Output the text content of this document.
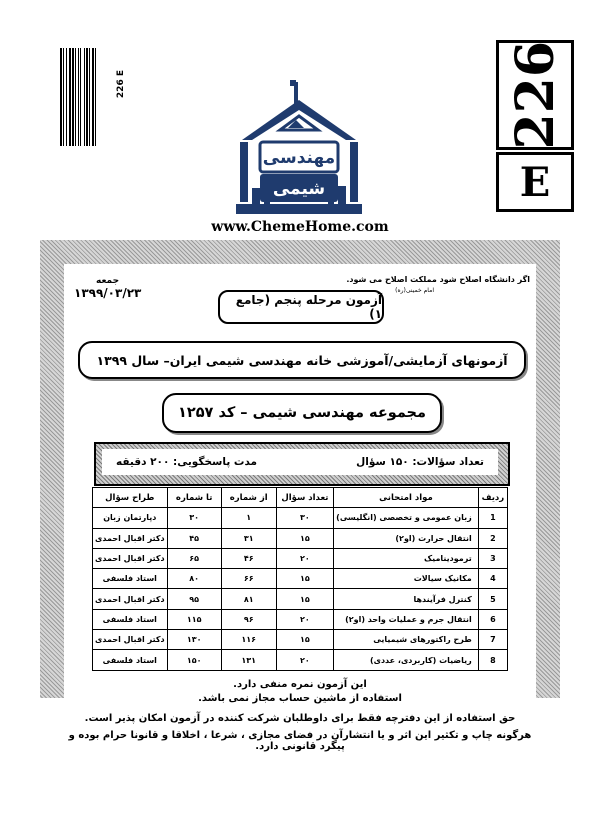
226 E	226
E
مهندسی
شیمی
www.ChemeHome.com
اگر دانشگاه اصلاح شود مملکت اصلاح می شود.
امام خمینی(ره)
آزمون مرحله پنجم (جامع ۱)
جمعه
۱۳۹۹/۰۳/۲۳
آزمونهای آزمایشی/آموزشی خانه مهندسی شیمی ایران– سال ۱۳۹۹
مجموعه مهندسی شیمی – کد ۱۲۵۷
مدت پاسخگویی: ۲۰۰ دقیقه	تعداد سؤالات: ۱۵۰ سؤال
ردیف	مواد امتحانی	تعداد سؤال	از شماره	تا شماره	طراح سؤال
1	زبان عمومی و تخصصی (انگلیسی)	۳۰	۱	۳۰	دپارتمان زبان
2	انتقال حرارت (او۲)	۱۵	۳۱	۴۵	دکتر اقبال احمدی
3	ترمودینامیک	۲۰	۴۶	۶۵	دکتر اقبال احمدی
4	مکانیک سیالات	۱۵	۶۶	۸۰	استاد فلسفی
5	کنترل فرآیندها	۱۵	۸۱	۹۵	دکتر اقبال احمدی
6	انتقال جرم و عملیات واحد (او۲)	۲۰	۹۶	۱۱۵	استاد فلسفی
7	طرح راکتورهای شیمیایی	۱۵	۱۱۶	۱۳۰	دکتر اقبال احمدی
8	ریاضیات (کاربردی، عددی)	۲۰	۱۳۱	۱۵۰	استاد فلسفی
این آزمون نمره منفی دارد.
استفاده از ماشین حساب مجاز نمی باشد.
حق استفاده از این دفترچه فقط برای داوطلبان شرکت کننده در آزمون امکان پذیر است.
هرگونه چاپ و تکثیر این اثر و یا انتشارآن در فضای مجازی ، شرعا ، اخلاقا و قانونا حرام بوده و پیگرد قانونی دارد.
